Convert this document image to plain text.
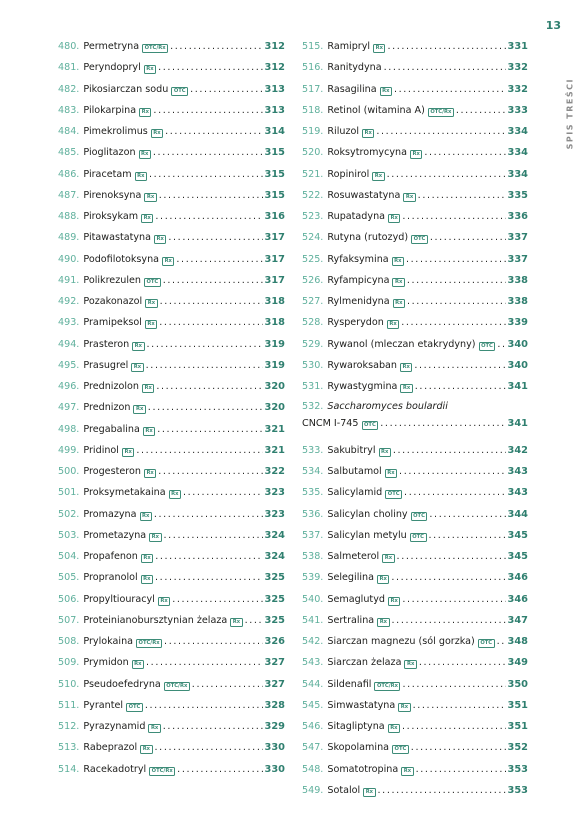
13
SPIS TREŚCI
480. Permetryna	OTC/Rx .....	312
481. Peryndopryl	Rx .....	312
482. Pikosiarczan sodu	OTC .....	313
483. Pilokarpina	Rx .....	313
484. Pimekrolimus	Rx .....	314
485. Pioglitazon	Rx .....	315
486. Piracetam	Rx .....	315
487. Pirenoksyna	Rx .....	315
488. Piroksykam	Rx .....	316
489. Pitawastatyna	Rx .....	317
490. Podofilotoksyna	Rx .....	317
491. Polikrezulen	OTC .....	317
492. Pozakonazol	Rx .....	318
493. Pramipeksol	Rx .....	318
494. Prasteron	Rx .....	319
495. Prasugrel	Rx .....	319
496. Prednizolon	Rx .....	320
497. Prednizon	Rx .....	320
498. Pregabalina	Rx .....	321
499. Pridinol	Rx .....	321
500. Progesteron	Rx .....	322
501. Proksymetakaina	Rx .....	323
502. Promazyna	Rx .....	323
503. Prometazyna	Rx .....	324
504. Propafenon	Rx .....	324
505. Propranolol	Rx .....	325
506. Propyltiouracyl	Rx .....	325
507. Proteinianobursztynian żelaza	Rx ..... 325
508. Prylokaina	OTC/Rx .....	326
509. Prymidon	Rx .....	327
510. Pseudoefedryna	OTC/Rx .....	327
511. Pyrantel	OTC .....	328
512. Pyrazynamid	Rx .....	329
513. Rabeprazol	Rx .....	330
514. Racekadotryl	OTC/Rx .....	330
515. Ramipryl	Rx .....	331
516. Ranitydyna .....	332
517. Rasagilina	Rx .....	332
518. Retinol (witamina A)	OTC/Rx .....	333
519. Riluzol	Rx .....	334
520. Roksytromycyna	Rx .....	334
521. Ropinirol	Rx .....	334
522. Rosuwastatyna	Rx .....	335
523. Rupatadyna	Rx .....	336
524. Rutyna (rutozyd)	OTC .....	337
525. Ryfaksymina	Rx .....	337
526. Ryfampicyna	Rx .....	338
527. Rylmenidyna	Rx .....	338
528. Rysperydon	Rx .....	339
529. Rywanol (mleczan etakrydyny)	OTC ..... 340
530. Rywaroksaban	Rx .....	340
531. Rywastygmina	Rx .....	341
532. Saccharomyces boulardii
CNCM I-745	OTC .....	341
533. Sakubitryl	Rx .....	342
534. Salbutamol	Rx .....	343
535. Salicylamid	OTC .....	343
536. Salicylan choliny	OTC .....	344
537. Salicylan metylu	OTC .....	345
538. Salmeterol	Rx .....	345
539. Selegilina	Rx .....	346
540. Semaglutyd	Rx .....	346
541. Sertralina	Rx .....	347
542. Siarczan magnezu (sól gorzka)	OTC ..... 348
543. Siarczan żelaza	Rx .....	349
544. Sildenafil	OTC/Rx .....	350
545. Simwastatyna	Rx .....	351
546. Sitagliptyna	Rx .....	351
547. Skopolamina	OTC .....	352
548. Somatotropina	Rx .....	353
549. Sotalol	Rx .....	353
